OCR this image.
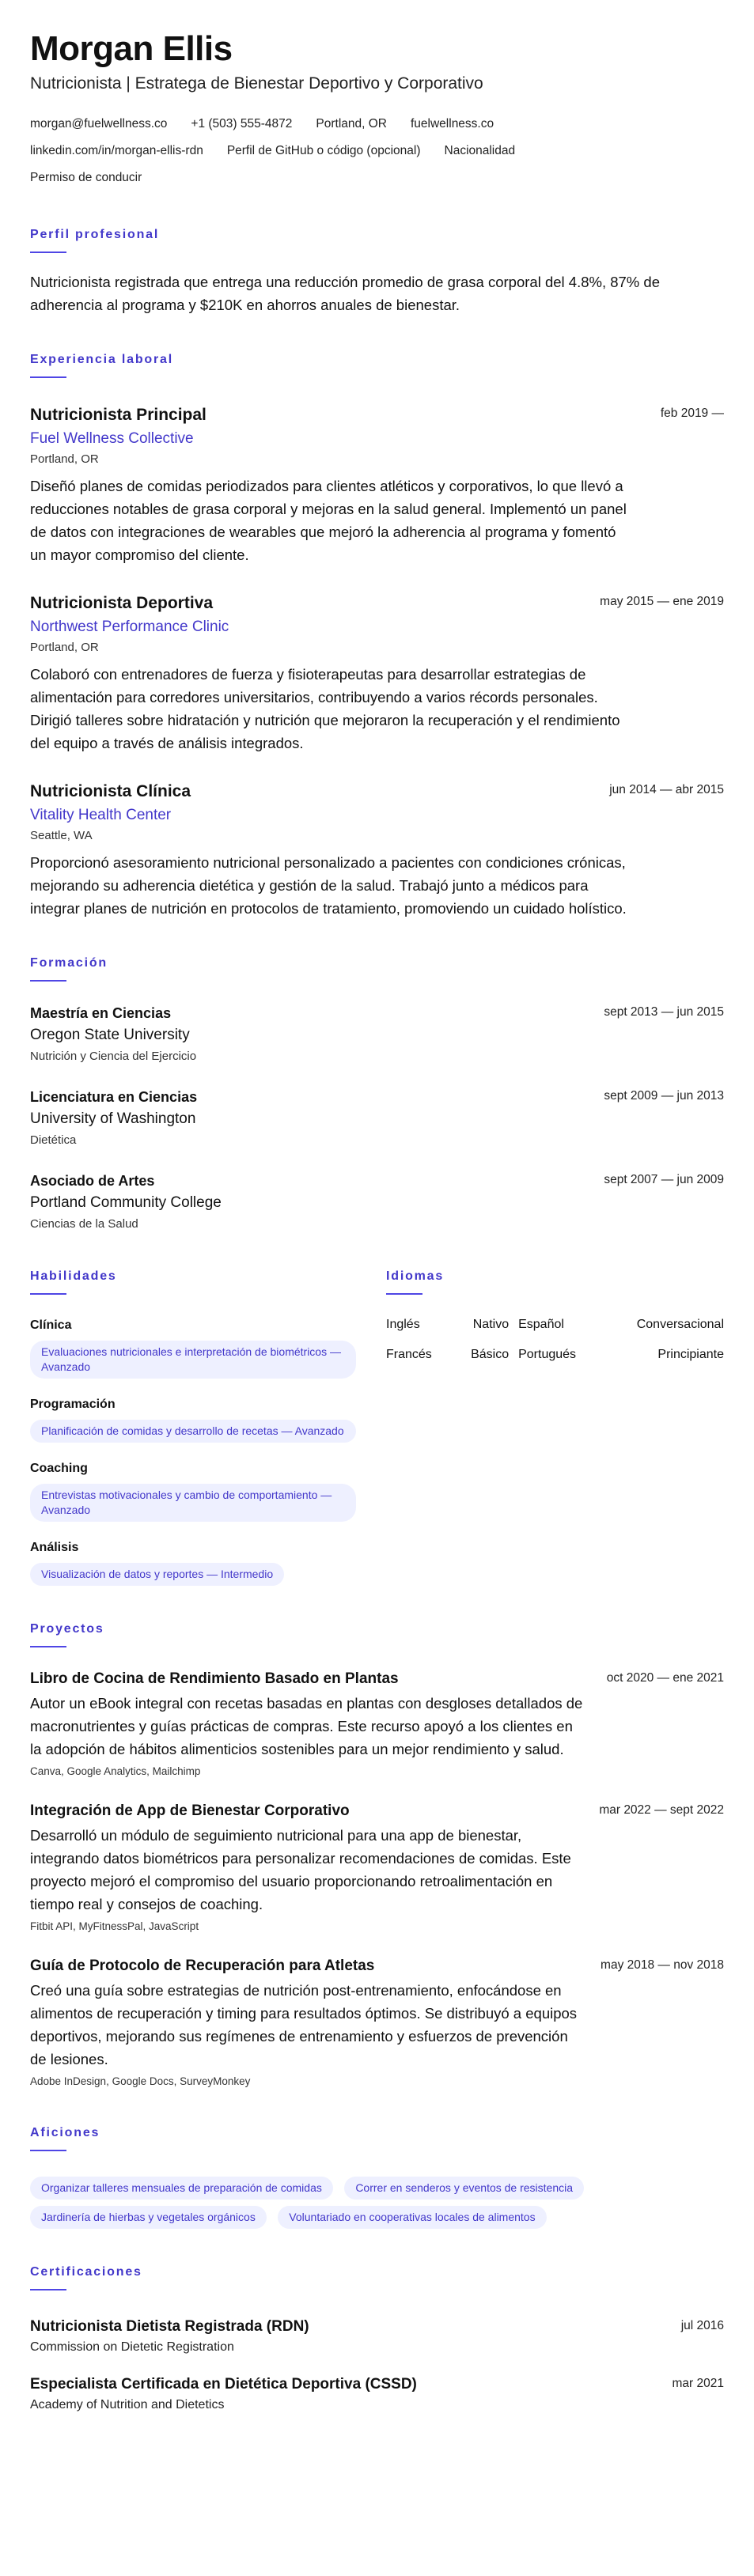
Morgan Ellis
Nutricionista | Estratega de Bienestar Deportivo y Corporativo
morgan@fuelwellness.co +1 (503) 555-4872 Portland, OR fuelwellness.co
linkedin.com/in/morgan-ellis-rdn Perfil de GitHub o código (opcional) Nacionalidad
Permiso de conducir
Perfil profesional

Nutricionista registrada que entrega una reducción promedio de grasa corporal del 4.8%, 87% de adherencia al programa y $210K en ahorros anuales de bienestar.

Experiencia laboral
Nutricionista Principal	feb 2019 —
Fuel Wellness Collective
Portland, OR

Diseñó planes de comidas periodizados para clientes atléticos y corporativos, lo que llevó a reducciones notables de grasa corporal y mejoras en la salud general. Implementó un panel de datos con integraciones de wearables que mejoró la adherencia al programa y fomentó un mayor compromiso del cliente.

Nutricionista Deportiva	may 2015 — ene 2019
Northwest Performance Clinic
Portland, OR

Colaboró con entrenadores de fuerza y fisioterapeutas para desarrollar estrategias de alimentación para corredores universitarios, contribuyendo a varios récords personales. Dirigió talleres sobre hidratación y nutrición que mejoraron la recuperación y el rendimiento del equipo a través de análisis integrados.

Nutricionista Clínica	jun 2014 — abr 2015
Vitality Health Center
Seattle, WA

Proporcionó asesoramiento nutricional personalizado a pacientes con condiciones crónicas, mejorando su adherencia dietética y gestión de la salud. Trabajó junto a médicos para integrar planes de nutrición en protocolos de tratamiento, promoviendo un cuidado holístico.

Formación
Maestría en Ciencias	sept 2013 — jun 2015
Oregon State University
Nutrición y Ciencia del Ejercicio
Licenciatura en Ciencias	sept 2009 — jun 2013
University of Washington
Dietética
Asociado de Artes	sept 2007 — jun 2009
Portland Community College
Ciencias de la Salud
Habilidades
Clínica
Evaluaciones nutricionales e interpretación de biométricos — Avanzado
Programación
Planificación de comidas y desarrollo de recetas — Avanzado
Coaching
Entrevistas motivacionales y cambio de comportamiento — Avanzado
Análisis
Visualización de datos y reportes — Intermedio
Idiomas
Inglés	Nativo	Español	Conversacional
Francés	Básico	Portugués	Principiante
Proyectos
Libro de Cocina de Rendimiento Basado en Plantas	oct 2020 — ene 2021

Autor un eBook integral con recetas basadas en plantas con desgloses detallados de macronutrientes y guías prácticas de compras. Este recurso apoyó a los clientes en la adopción de hábitos alimenticios sostenibles para un mejor rendimiento y salud.

Canva, Google Analytics, Mailchimp
Integración de App de Bienestar Corporativo	mar 2022 — sept 2022

Desarrolló un módulo de seguimiento nutricional para una app de bienestar, integrando datos biométricos para personalizar recomendaciones de comidas. Este proyecto mejoró el compromiso del usuario proporcionando retroalimentación en tiempo real y consejos de coaching.

Fitbit API, MyFitnessPal, JavaScript
Guía de Protocolo de Recuperación para Atletas	may 2018 — nov 2018

Creó una guía sobre estrategias de nutrición post-entrenamiento, enfocándose en alimentos de recuperación y timing para resultados óptimos. Se distribuyó a equipos deportivos, mejorando sus regímenes de entrenamiento y esfuerzos de prevención de lesiones.

Adobe InDesign, Google Docs, SurveyMonkey
Aficiones
Organizar talleres mensuales de preparación de comidas	Correr en senderos y eventos de resistencia Jardinería de hierbas y vegetales orgánicos	Voluntariado en cooperativas locales de alimentos
Certificaciones
Nutricionista Dietista Registrada (RDN)	jul 2016
Commission on Dietetic Registration
Especialista Certificada en Dietética Deportiva (CSSD)	mar 2021
Academy of Nutrition and Dietetics
